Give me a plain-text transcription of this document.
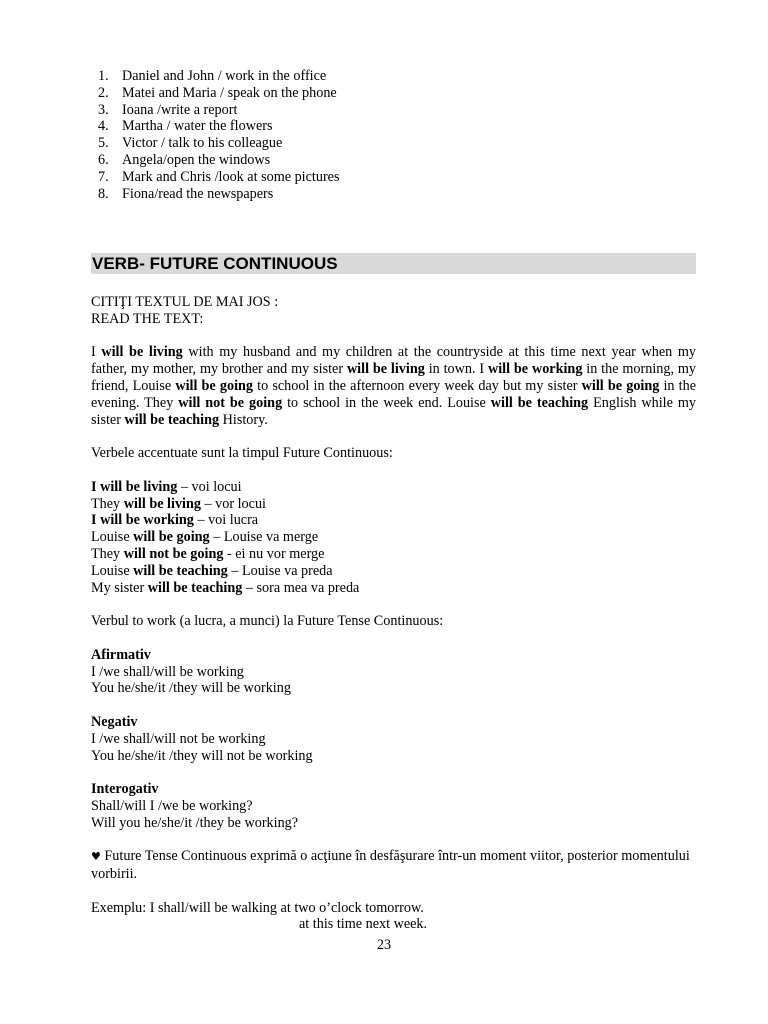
1. Daniel and John / work in the office
2. Matei and Maria / speak on the phone
3. Ioana /write a report
4. Martha / water the flowers
5. Victor / talk to his colleague
6. Angela/open the windows
7. Mark and Chris /look at some pictures
8. Fiona/read the newspapers
VERB- FUTURE CONTINUOUS

CITIŢI TEXTUL DE MAI JOS :

READ THE TEXT:

I will be living with my husband and my children at the countryside at this time next year when my father, my mother, my brother and my sister will be living in town. I will be working in the morning, my friend, Louise will be going to school in the afternoon every week day but my sister will be going in the evening. They will not be going to school in the week end. Louise will be teaching English while my sister will be teaching History.

Verbele accentuate sunt la timpul Future Continuous:

I will be living – voi locui

They will be living – vor locui

I will be working – voi lucra

Louise will be going – Louise va merge

They will not be going - ei nu vor merge

Louise will be teaching – Louise va preda

My sister will be teaching – sora mea va preda

Verbul to work (a lucra, a munci) la Future Tense Continuous:

Afirmativ

I /we shall/will be working

You he/she/it /they will be working

Negativ

I /we shall/will not be working

You he/she/it /they will not be working

Interogativ

Shall/will I /we be working?

Will you he/she/it /they be working?

♥ Future Tense Continuous exprimă o acţiune în desfăşurare într-un moment viitor, posterior momentului vorbirii.

Exemplu: I shall/will be walking at two o’clock tomorrow.

at this time next week.

23
